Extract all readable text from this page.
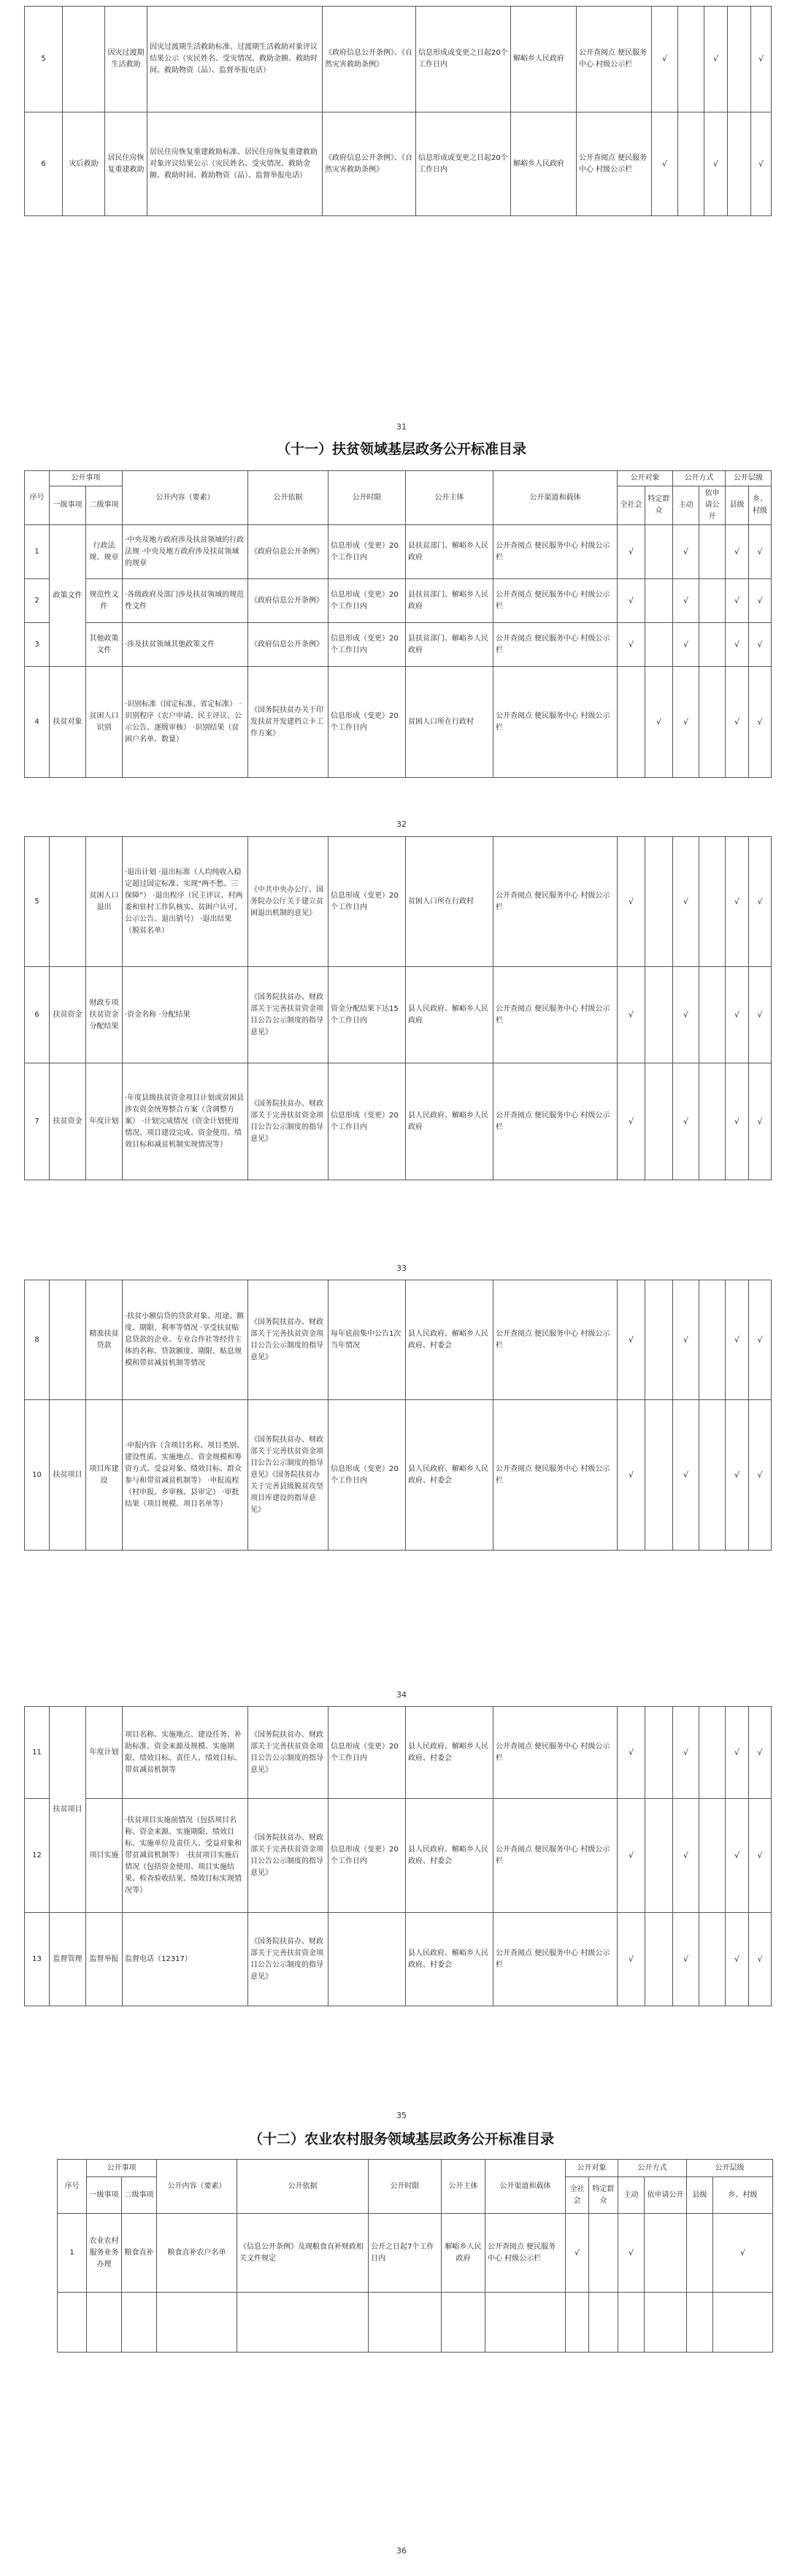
5		因灾过渡期生活救助	因灾过渡期生活救助标准、过渡期生活救助对象评议结果公示（灾民姓名、受灾情况、救助金额、救助时间、救助物资（品）、监督举报电话）	《政府信息公开条例》、《自然灾害救助条例》	信息形成或变更之日起20个工作日内	解峪乡人民政府	公开查阅点 便民服务中心 村级公示栏	√		√		√
6	灾后救助	居民住房恢复重建救助	居民住房恢复重建救助标准、居民住房恢复重建救助对象评议结果公示（灾民姓名、受灾情况、救助金额、救助时间、救助物资（品）、监督举报电话）	《政府信息公开条例》、《自然灾害救助条例》	信息形成或变更之日起20个工作日内	解峪乡人民政府	公开查阅点 便民服务中心 村级公示栏	√		√		√
31
（十一）扶贫领域基层政务公开标准目录
序号	公开事项		公开内容（要素）	公开依据	公开时限	公开主体	公开渠道和载体	公开对象		公开方式		公开层级	
	一级事项	二级事项						全社会	特定群众	主动	依申请公开	县级	乡、村级
1	政策文件	行政法规、规章	·中央及地方政府涉及扶贫领域的行政法规 ·中央及地方政府涉及扶贫领域的规章	《政府信息公开条例》	信息形成（变更）20个工作日内	县扶贫部门、解峪乡人民政府	公开查阅点 便民服务中心 村级公示栏	√		√		√	√
2		规范性文件	·各级政府及部门涉及扶贫领域的规范性文件	《政府信息公开条例》	信息形成（变更）20个工作日内	县扶贫部门、解峪乡人民政府	公开查阅点 便民服务中心 村级公示栏	√		√		√	√
3		其他政策文件	·涉及扶贫领域其他政策文件	《政府信息公开条例》	信息形成（变更）20个工作日内	县扶贫部门、解峪乡人民政府	公开查阅点 便民服务中心 村级公示栏	√		√		√	√
4	扶贫对象	贫困人口识别	·识别标准（国定标准、省定标准） ·识别程序（农户申请、民主评议、公示公告、逐级审核） ·识别结果（贫困户名单、数量）	《国务院扶贫办关于印发扶贫开发建档立卡工作方案》	信息形成（变更）20个工作日内	贫困人口所在行政村	公开查阅点 便民服务中心 村级公示栏		√	√		√	√
32
5		贫困人口退出	·退出计划 ·退出标准（人均纯收入稳定超过国定标准、实现“两不愁、三保障”） ·退出程序（民主评议、村两委和驻村工作队核实、贫困户认可、公示公告、退出销号） ·退出结果（脱贫名单）	《中共中央办公厅、国务院办公厅关于建立贫困退出机制的意见》	信息形成（变更）20个工作日内	贫困人口所在行政村	公开查阅点 便民服务中心 村级公示栏	√		√		√	√
6	扶贫资金	财政专项扶贫资金分配结果	·资金名称 ·分配结果	《国务院扶贫办、财政部关于完善扶贫资金项目公告公示制度的指导意见》	资金分配结果下达15个工作日内	县人民政府、解峪乡人民政府	公开查阅点 便民服务中心 村级公示栏	√		√		√	√
7	扶贫资金	年度计划	·年度县级扶贫资金项目计划或贫困县涉农资金统筹整合方案（含调整方案） ·计划完成情况（资金计划使用情况、项目建设完成、资金使用、绩效目标和减贫机制实现情况等）	《国务院扶贫办、财政部关于完善扶贫资金项目公告公示制度的指导意见》	信息形成（变更）20个工作日内	县人民政府、解峪乡人民政府	公开查阅点 便民服务中心 村级公示栏	√		√		√	√
33
8		精准扶贫贷款	·扶贫小额信贷的贷款对象、用途、额度、期限、利率等情况 ·享受扶贫贴息贷款的企业、专业合作社等经营主体的名称、贷款额度、期限、贴息规模和带贫减贫机制等情况	《国务院扶贫办、财政部关于完善扶贫资金项目公告公示制度的指导意见》	每年底前集中公告1次当年情况	县人民政府、解峪乡人民政府、村委会	公开查阅点 便民服务中心 村级公示栏	√		√		√	√
10	扶贫项目	项目库建设	·申报内容（含项目名称、项目类别、建设性质、实施地点、资金规模和筹资方式、受益对象、绩效目标、群众参与和带贫减贫机制等） ·申报流程（村申报、乡审核、县审定） ·审批结果（项目规模、项目名单等）	《国务院扶贫办、财政部关于完善扶贫资金项目公告公示制度的指导意见》《国务院扶贫办关于完善县级脱贫攻坚项目库建设的指导意见》	信息形成（变更）20个工作日内	县人民政府、解峪乡人民政府、村委会	公开查阅点 便民服务中心 村级公示栏	√		√		√	√
34
11	扶贫项目	年度计划	项目名称、实施地点、建设任务、补助标准、资金来源及规模、实施期限、绩效目标、责任人、绩效目标、带贫减贫机制等	《国务院扶贫办、财政部关于完善扶贫资金项目公告公示制度的指导意见》	信息形成（变更）20个工作日内	县人民政府、解峪乡人民政府、村委会	公开查阅点 便民服务中心 村级公示栏	√		√		√	√
12		项目实施	·扶贫项目实施前情况（包括项目名称、资金来源、实施期限、绩效目标、实施单位及责任人、受益对象和带贫减贫机制等） ·扶贫项目实施后情况（包括资金使用、项目实施结果、检查验收结果、绩效目标实现情况等）	《国务院扶贫办、财政部关于完善扶贫资金项目公告公示制度的指导意见》	信息形成（变更）20个工作日内	县人民政府、解峪乡人民政府、村委会	公开查阅点 便民服务中心 村级公示栏	√		√		√	√
13	监督管理	监督举报	监督电话（12317）	《国务院扶贫办、财政部关于完善扶贫资金项目公告公示制度的指导意见》		县人民政府、解峪乡人民政府、村委会	公开查阅点 便民服务中心 村级公示栏	√		√		√	√
35
（十二）农业农村服务领域基层政务公开标准目录
序号	公开事项		公开内容（要素）	公开依据	公开时限	公开主体	公开渠道和载体	公开对象		公开方式		公开层级	
	一级事项	二级事项						全社会	特定群众	主动	依申请公开	县级	乡、村级
1	农业农村服务业务办理	粮食直补	粮食直补农户名单	《信息公开条例》及现粮食直补财政相关文件规定	公开之日起7个工作日内	解峪乡人民政府	公开查阅点 便民服务中心 村级公示栏	√		√			√

36
